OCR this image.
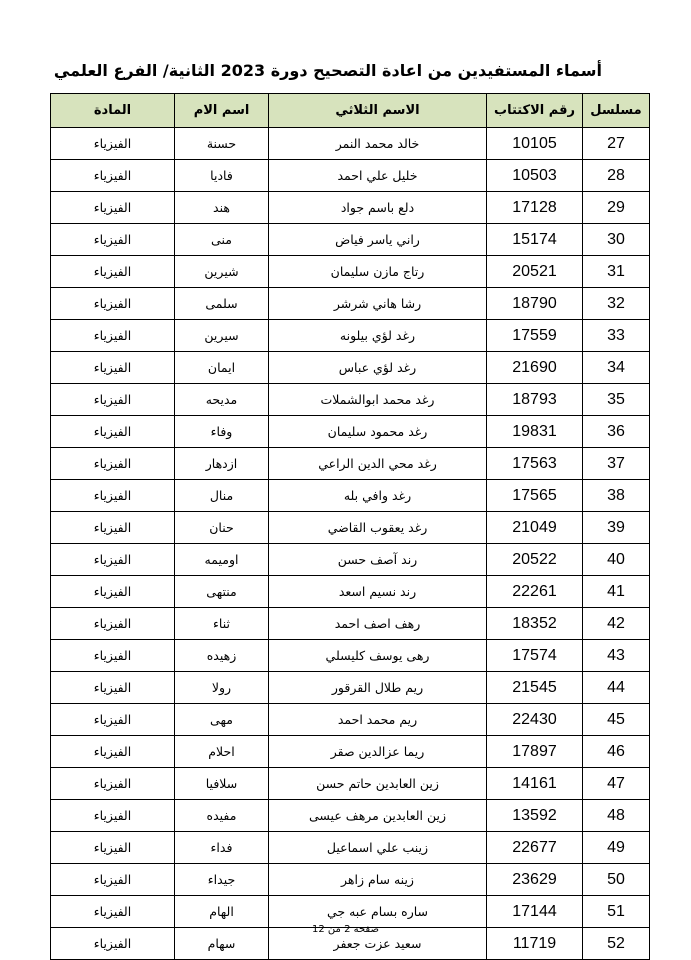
أسماء المستفيدين من اعادة التصحيح دورة 2023 الثانية/ الفرع العلمي
مسلسل	رقم الاكتتاب	الاسم الثلاثي	اسم الام	المادة
27	10105	خالد محمد النمر	حسنة	الفيزياء
28	10503	خليل علي احمد	فاديا	الفيزياء
29	17128	دلع باسم جواد	هند	الفيزياء
30	15174	راني ياسر فياض	منى	الفيزياء
31	20521	رتاج مازن سليمان	شيرين	الفيزياء
32	18790	رشا هاني شرشر	سلمى	الفيزياء
33	17559	رغد لؤي بيلونه	سيرين	الفيزياء
34	21690	رغد لؤي عباس	ايمان	الفيزياء
35	18793	رغد محمد ابوالشملات	مديحه	الفيزياء
36	19831	رغد محمود سليمان	وفاء	الفيزياء
37	17563	رغد محي الدين الراعي	ازدهار	الفيزياء
38	17565	رغد وافي بله	منال	الفيزياء
39	21049	رغد يعقوب القاضي	حنان	الفيزياء
40	20522	رند آصف حسن	اوميمه	الفيزياء
41	22261	رند نسيم اسعد	منتهى	الفيزياء
42	18352	رهف اصف احمد	ثناء	الفيزياء
43	17574	رهى يوسف كليسلي	زهيده	الفيزياء
44	21545	ريم طلال القرقور	رولا	الفيزياء
45	22430	ريم محمد احمد	مهى	الفيزياء
46	17897	ريما عزالدين صقر	احلام	الفيزياء
47	14161	زين العابدين حاتم حسن	سلافيا	الفيزياء
48	13592	زين العابدين مرهف عيسى	مفيده	الفيزياء
49	22677	زينب علي اسماعيل	فداء	الفيزياء
50	23629	زينه سام زاهر	جيداء	الفيزياء
51	17144	ساره بسام عبه جي	الهام	الفيزياء
52	11719	سعيد عزت جعفر	سهام	الفيزياء
صفحة 2 من 12
